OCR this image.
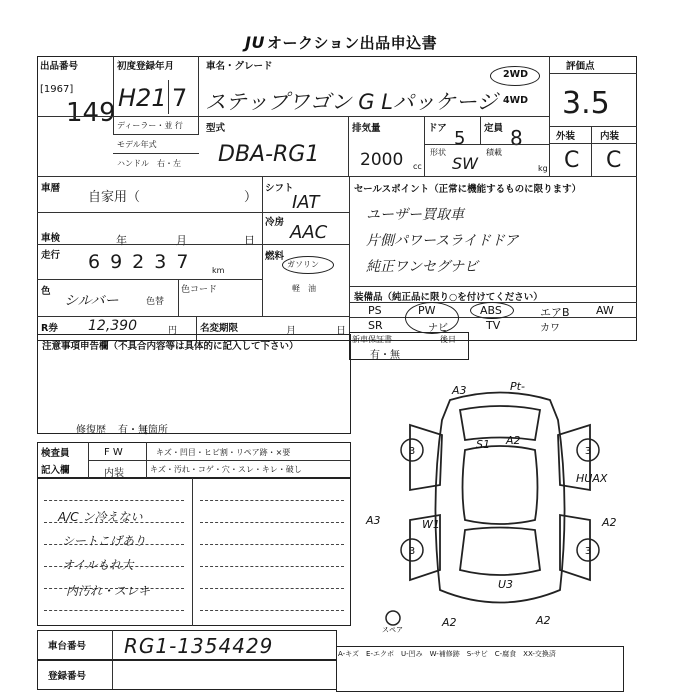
JU オークション出品申込書
出品番号
[1967]
149
初度登録年月
H21 7
車名・グレード
ステップワゴン G Lパッケージ
2WD
4WD
評価点
3.5
外装	内装
C C
ディーラー・並 行
モデル年式
ハンドル　右・左
型式
DBA-RG1
排気量
2000 cc
ドア 5 定員 8
形状
SW
積載
kg
車暦
自家用（　　　　　　　　）
車検	年	月	日
走行 69237 km
色
シルバー	色替
色コード
シフト
IAT
冷房 AAC
燃料
ガソリン
軽　油
セールスポイント（正常に機能するものに限ります）
ユーザー買取車
片側パワースライドドア
純正ワンセグナビ
装備品（純正品に限り○を付けてください）
PS	PW	ABS	エアB AW
SR	ナビ	TV	カワ
R券 12,390	円 名変期限	月	日
注意事項申告欄（不具合内容等は具体的に記入して下さい）
修復歴 有・無
[箇所
新車保証書
有・無
後日
検査員
記入欄
F W	キズ・凹目・ヒビ割・リペア跡・×要
内装	キズ・汚れ・コゲ・穴・スレ・キレ・破し
A/C ン冷えない
シートこげあり
オイルもれ大
内汚れ・スレキ
3	3
3	3
A3	Pt-
S1 A2
HUAX
A3	W1	A2
U3
A2	A2
スペア
A-キズ　E-エクボ　U-凹み　W-補修跡　S-サビ　C-腐食　XX-交換済
車台番号 RG1-1354429
登録番号
